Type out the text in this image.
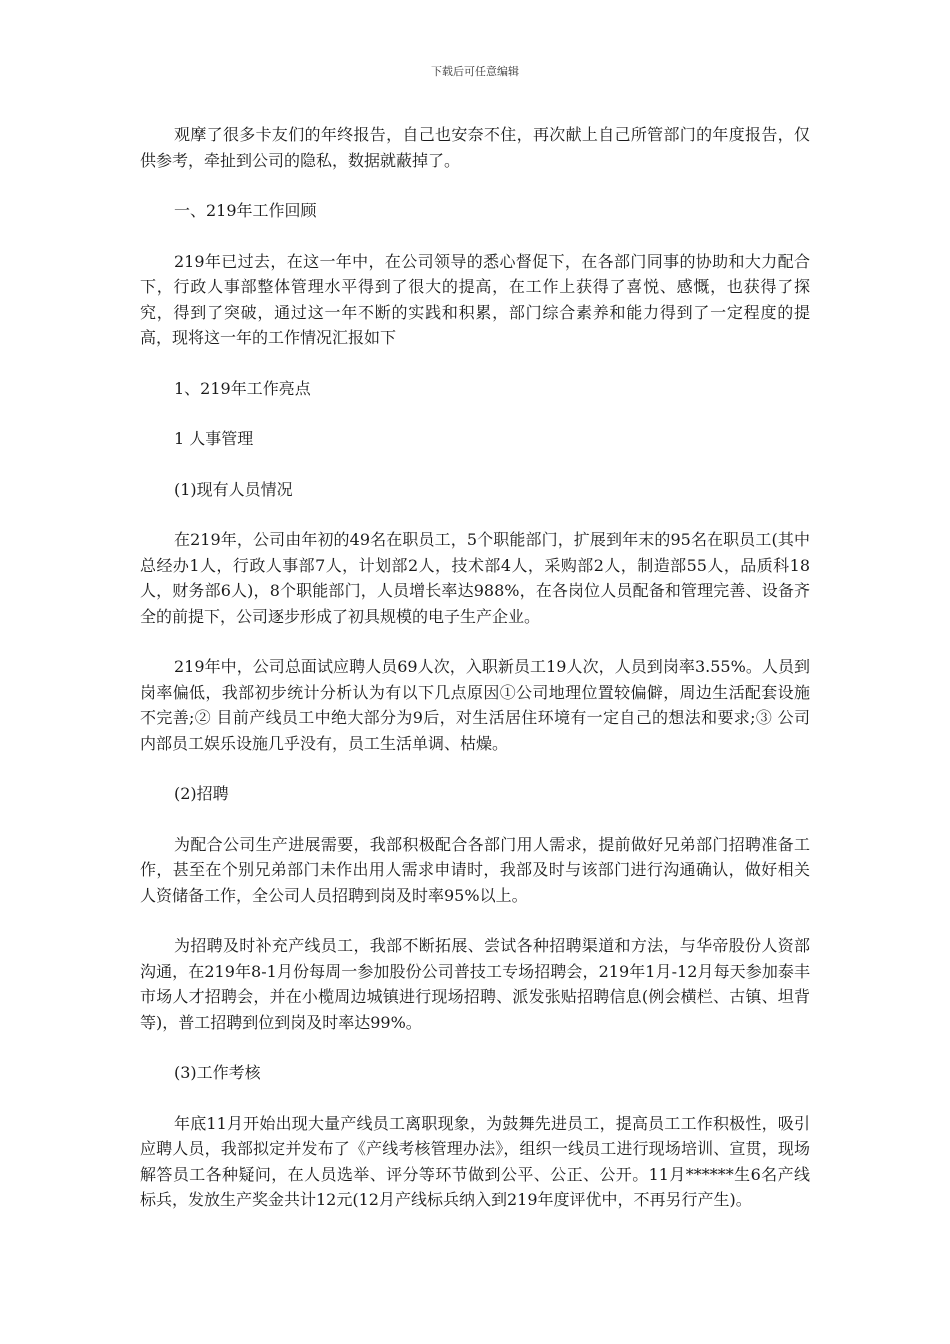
下载后可任意编辑

观摩了很多卡友们的年终报告，自己也安奈不住，再次献上自己所管部门的年度报告，仅供参考，牵扯到公司的隐私，数据就蔽掉了。

一、219年工作回顾

219年已过去，在这一年中，在公司领导的悉心督促下，在各部门同事的协助和大力配合下，行政人事部整体管理水平得到了很大的提高，在工作上获得了喜悦、感慨，也获得了探究，得到了突破，通过这一年不断的实践和积累，部门综合素养和能力得到了一定程度的提高，现将这一年的工作情况汇报如下

1、219年工作亮点

1 人事管理

(1)现有人员情况

在219年，公司由年初的49名在职员工，5个职能部门，扩展到年末的95名在职员工(其中总经办1人，行政人事部7人，计划部2人，技术部4人，采购部2人，制造部55人，品质科18人，财务部6人)，8个职能部门，人员增长率达988%，在各岗位人员配备和管理完善、设备齐全的前提下，公司逐步形成了初具规模的电子生产企业。

219年中，公司总面试应聘人员69人次，入职新员工19人次，人员到岗率3.55%。人员到岗率偏低，我部初步统计分析认为有以下几点原因①公司地理位置较偏僻，周边生活配套设施不完善;② 目前产线员工中绝大部分为9后，对生活居住环境有一定自己的想法和要求;③ 公司内部员工娱乐设施几乎没有，员工生活单调、枯燥。

(2)招聘

为配合公司生产进展需要，我部积极配合各部门用人需求，提前做好兄弟部门招聘准备工作，甚至在个别兄弟部门未作出用人需求申请时，我部及时与该部门进行沟通确认，做好相关人资储备工作，全公司人员招聘到岗及时率95%以上。

为招聘及时补充产线员工，我部不断拓展、尝试各种招聘渠道和方法，与华帝股份人资部沟通，在219年8-1月份每周一参加股份公司普技工专场招聘会，219年1月-12月每天参加泰丰市场人才招聘会，并在小榄周边城镇进行现场招聘、派发张贴招聘信息(例会横栏、古镇、坦背等)，普工招聘到位到岗及时率达99%。

(3)工作考核

年底11月开始出现大量产线员工离职现象，为鼓舞先进员工，提高员工工作积极性，吸引应聘人员，我部拟定并发布了《产线考核管理办法》，组织一线员工进行现场培训、宣贯，现场解答员工各种疑问，在人员选举、评分等环节做到公平、公正、公开。11月******生6名产线标兵，发放生产奖金共计12元(12月产线标兵纳入到219年度评优中，不再另行产生)。
